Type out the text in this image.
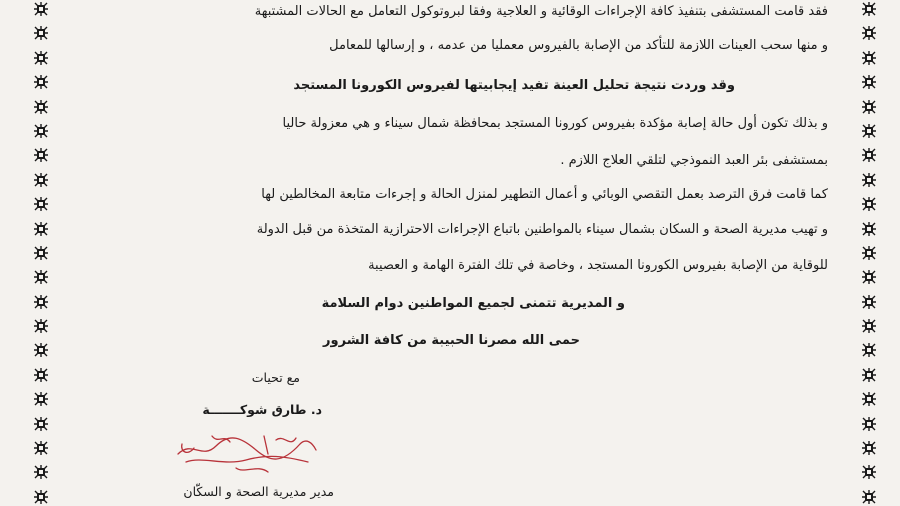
فقد قامت المستشفى بتنفيذ كافة الإجراءات الوقائية و العلاجية وفقا لبروتوكول التعامل مع الحالات المشتبهة
و منها سحب العينات اللازمة للتأكد من الإصابة بالفيروس معمليا من عدمه ، و إرسالها للمعامل
وقد وردت نتيجة تحليل العينة تفيد إيجابيتها لفيروس الكورونا المستجد
و بذلك تكون أول حالة إصابة مؤكدة بفيروس كورونا المستجد بمحافظة شمال سيناء و هي معزولة حاليا
بمستشفى بئر العبد النموذجي لتلقي العلاج اللازم .
كما قامت فرق الترصد بعمل التقصي الوبائي و أعمال التطهير لمنزل الحالة و إجرءات متابعة المخالطين لها
و تهيب مديرية الصحة و السكان بشمال سيناء بالمواطنين باتباع الإجراءات الاحترازية المتخذة من قبل الدولة
للوقاية من الإصابة بفيروس الكورونا المستجد ، وخاصة في تلك الفترة الهامة و العصيبة
و المديرية تتمنى لجميع المواطنين دوام السلامة
حمى الله مصرنا الحبيبة من كافة الشرور
مع تحيات
د. طارق شوكـــــــة
مدير مديرية الصحة و السكّان
